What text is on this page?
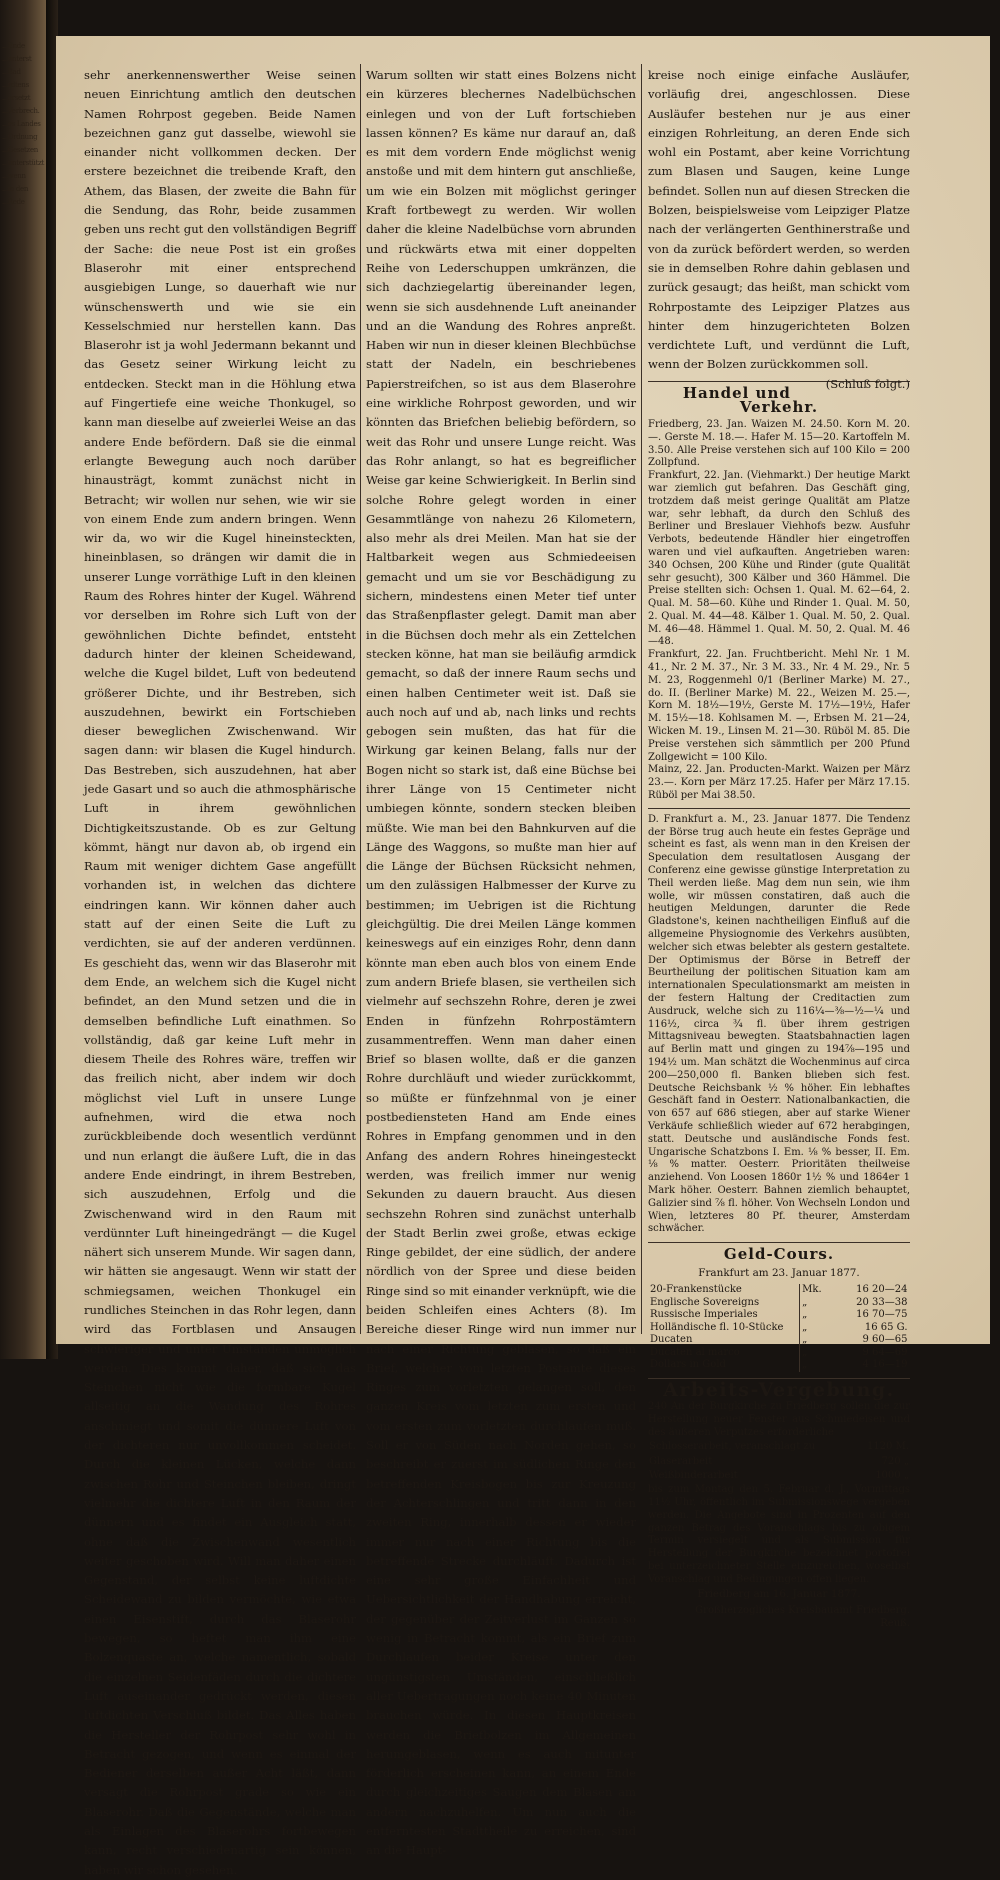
...Ende
...unterst
...Bad
...rdtens
...ersetzt
...Verbrech.
...es Landes
...Ordnung
...Gesetzen
...unterstützt
...wenn
...in den
...Rede

sehr anerkennenswerther Weise seinen neuen Einrichtung amtlich den deutschen Namen Rohrpost gegeben. Beide Namen bezeichnen ganz gut dasselbe, wiewohl sie einander nicht vollkommen decken. Der erstere bezeichnet die treibende Kraft, den Athem, das Blasen, der zweite die Bahn für die Sendung, das Rohr, beide zusammen geben uns recht gut den vollständigen Begriff der Sache: die neue Post ist ein großes Blaserohr mit einer entsprechend ausgiebigen Lunge, so dauerhaft wie nur wünschenswerth und wie sie ein Kesselschmied nur herstellen kann. Das Blaserohr ist ja wohl Jedermann bekannt und das Gesetz seiner Wirkung leicht zu entdecken. Steckt man in die Höhlung etwa auf Fingertiefe eine weiche Thonkugel, so kann man dieselbe auf zweierlei Weise an das andere Ende befördern. Daß sie die einmal erlangte Bewegung auch noch darüber hinausträgt, kommt zunächst nicht in Betracht; wir wollen nur sehen, wie wir sie von einem Ende zum andern bringen. Wenn wir da, wo wir die Kugel hineinsteckten, hineinblasen, so drängen wir damit die in unserer Lunge vorräthige Luft in den kleinen Raum des Rohres hinter der Kugel. Während vor derselben im Rohre sich Luft von der gewöhnlichen Dichte befindet, entsteht dadurch hinter der kleinen Scheidewand, welche die Kugel bildet, Luft von bedeutend größerer Dichte, und ihr Bestreben, sich auszudehnen, bewirkt ein Fortschieben dieser beweglichen Zwischenwand. Wir sagen dann: wir blasen die Kugel hindurch. Das Bestreben, sich auszudehnen, hat aber jede Gasart und so auch die athmosphärische Luft in ihrem gewöhnlichen Dichtigkeitszustande. Ob es zur Geltung kömmt, hängt nur davon ab, ob irgend ein Raum mit weniger dichtem Gase angefüllt vorhanden ist, in welchen das dichtere eindringen kann. Wir können daher auch statt auf der einen Seite die Luft zu verdichten, sie auf der anderen verdünnen. Es geschieht das, wenn wir das Blaserohr mit dem Ende, an welchem sich die Kugel nicht befindet, an den Mund setzen und die in demselben befindliche Luft einathmen. So vollständig, daß gar keine Luft mehr in diesem Theile des Rohres wäre, treffen wir das freilich nicht, aber indem wir doch möglichst viel Luft in unsere Lunge aufnehmen, wird die etwa noch zurückbleibende doch wesentlich verdünnt und nun erlangt die äußere Luft, die in das andere Ende eindringt, in ihrem Bestreben, sich auszudehnen, Erfolg und die Zwischenwand wird in den Raum mit verdünnter Luft hineingedrängt — die Kugel nähert sich unserem Munde. Wir sagen dann, wir hätten sie angesaugt. Wenn wir statt der schmiegsamen, weichen Thonkugel ein rundliches Steinchen in das Rohr legen, dann wird das Fortblasen und Ansaugen schwieriger und unter Umständen unmöglich werden. Dies kommt daher, daß sich das Steinchen nicht wie die formbare Kugel allseitig an die Wandung des Rohres anschmiegt und somit die dünnere Luft von der dichteren nur unvollkommen scheidet. Durch die kleinen Lücken, welche dann zwischen Rohr und Steinchen bleiben, dringt vielmehr die dichtere Luft in den Raum der dünnern und es findet ein Ausgleich statt, ohne daß die Zwischenwand wesentlich weiter geschoben wird. Will man daher einen Gegenstand, der selbst keine luftdichte Scheidewand zu bilden vermöchte, wie etwa einen Eisenstift, durch das Blaserohr bewegen, so heftet man ihm eine Bolzenquaste an, welche namentlich, sobald die einzelnen Seidenfäden durch die dichtere Luft auseinander gedrückt werden, diesen luftdichten Verschluß bildet. Das Alles haben die Hersteller der Rohrpost sehr wohl in Betracht gezogen, und wenn es einmal der Bediener derselben außer Acht läßt, dann versagt die Rohrpost grade so wie ein Blaserohr. Daß die Gegenstände, welche man als Einlagen des Blaserohrs fortbewegen kann, recht verschiedenartig sein können, haben wir schon gesehen.

Warum sollten wir statt eines Bolzens nicht ein kürzeres blechernes Nadelbüchschen einlegen und von der Luft fortschieben lassen können? Es käme nur darauf an, daß es mit dem vordern Ende möglichst wenig anstoße und mit dem hintern gut anschließe, um wie ein Bolzen mit möglichst geringer Kraft fortbewegt zu werden. Wir wollen daher die kleine Nadelbüchse vorn abrunden und rückwärts etwa mit einer doppelten Reihe von Lederschuppen umkränzen, die sich dachziegelartig übereinander legen, wenn sie sich ausdehnende Luft aneinander und an die Wandung des Rohres anpreßt. Haben wir nun in dieser kleinen Blechbüchse statt der Nadeln, ein beschriebenes Papierstreifchen, so ist aus dem Blaserohre eine wirkliche Rohrpost geworden, und wir könnten das Briefchen beliebig befördern, so weit das Rohr und unsere Lunge reicht. Was das Rohr anlangt, so hat es begreiflicher Weise gar keine Schwierigkeit. In Berlin sind solche Rohre gelegt worden in einer Gesammtlänge von nahezu 26 Kilometern, also mehr als drei Meilen. Man hat sie der Haltbarkeit wegen aus Schmiedeeisen gemacht und um sie vor Beschädigung zu sichern, mindestens einen Meter tief unter das Straßenpflaster gelegt. Damit man aber in die Büchsen doch mehr als ein Zettelchen stecken könne, hat man sie beiläufig armdick gemacht, so daß der innere Raum sechs und einen halben Centimeter weit ist. Daß sie auch noch auf und ab, nach links und rechts gebogen sein mußten, das hat für die Wirkung gar keinen Belang, falls nur der Bogen nicht so stark ist, daß eine Büchse bei ihrer Länge von 15 Centimeter nicht umbiegen könnte, sondern stecken bleiben müßte. Wie man bei den Bahnkurven auf die Länge des Waggons, so mußte man hier auf die Länge der Büchsen Rücksicht nehmen, um den zulässigen Halbmesser der Kurve zu bestimmen; im Uebrigen ist die Richtung gleichgültig. Die drei Meilen Länge kommen keineswegs auf ein einziges Rohr, denn dann könnte man eben auch blos von einem Ende zum andern Briefe blasen, sie vertheilen sich vielmehr auf sechszehn Rohre, deren je zwei Enden in fünfzehn Rohrpostämtern zusammentreffen. Wenn man daher einen Brief so blasen wollte, daß er die ganzen Rohre durchläuft und wieder zurückkommt, so müßte er fünfzehnmal von je einer postbediensteten Hand am Ende eines Rohres in Empfang genommen und in den Anfang des andern Rohres hineingesteckt werden, was freilich immer nur wenig Sekunden zu dauern braucht. Aus diesen sechszehn Rohren sind zunächst unterhalb der Stadt Berlin zwei große, etwas eckige Ringe gebildet, der eine südlich, der andere nördlich von der Spree und diese beiden Ringe sind so mit einander verknüpft, wie die beiden Schleifen eines Achters (8). Im Bereiche dieser Ringe wird nun immer nur nach einer Richtung geblasen, so daß ein Brief, welcher vom letzten Postamte dieses Ringes zum vorletzten gelangen soll, den ganzen Kreis vom letzten zum ersten und vom ersten zum vorletzten durchlaufen muß. Soll er von Süden nach Norden gehen, so beschreibt er zuerst im südlichen Ringe den betreffenden Kreisbogen bis zur Kreuzung der Achterschlingen und tritt dann in den zweiten Ring, innerhalb dessen er wieder immer nur nach einer Richtung bis die betreffende Strecke durchläuft. Dadurch ist eine sehr große Einfachheit und Uebersichtlichkeit der Handhabung erreicht, der gegenüber der Zeitverlust im Ganzen so wenig in Betracht kommt, als ein Brief zum Durchlaufen beider Kreise unter den ungünstigsten Umständen, einschließlich aller Uebertragungen noch keine 40 Minuten brauchen würde. In diesen Hauptkreisen werden die Briefbolzen im Allgemeinen herumgeblasen, wenn es auch mitunter förderlich erscheinen kann, an einem Ende durch gleichzeitiges Saugen dem Blasen am andern nachzuhelfen. Um nun auch die entferntesten Stadttheile zu erreichen, sind an die Haupt-

kreise noch einige einfache Ausläufer, vorläufig drei, angeschlossen. Diese Ausläufer bestehen nur je aus einer einzigen Rohrleitung, an deren Ende sich wohl ein Postamt, aber keine Vorrichtung zum Blasen und Saugen, keine Lunge befindet. Sollen nun auf diesen Strecken die Bolzen, beispielsweise vom Leipziger Platze nach der verlängerten Genthinerstraße und von da zurück befördert werden, so werden sie in demselben Rohre dahin geblasen und zurück gesaugt; das heißt, man schickt vom Rohrpostamte des Leipziger Platzes aus hinter dem hinzugerichteten Bolzen verdichtete Luft, und verdünnt die Luft, wenn der Bolzen zurückkommen soll.
(Schluß folgt.)

Handel und Verkehr.

Friedberg, 23. Jan. Waizen M. 24.50. Korn M. 20.—. Gerste M. 18.—. Hafer M. 15—20. Kartoffeln M. 3.50. Alle Preise verstehen sich auf 100 Kilo = 200 Zollpfund.

Frankfurt, 22. Jan. (Viehmarkt.) Der heutige Markt war ziemlich gut befahren. Das Geschäft ging, trotzdem daß meist geringe Qualität am Platze war, sehr lebhaft, da durch den Schluß des Berliner und Breslauer Viehhofs bezw. Ausfuhr Verbots, bedeutende Händler hier eingetroffen waren und viel aufkauften. Angetrieben waren: 340 Ochsen, 200 Kühe und Rinder (gute Qualität sehr gesucht), 300 Kälber und 360 Hämmel. Die Preise stellten sich: Ochsen 1. Qual. M. 62—64, 2. Qual. M. 58—60. Kühe und Rinder 1. Qual. M. 50, 2. Qual. M. 44—48. Kälber 1. Qual. M. 50, 2. Qual. M. 46—48. Hämmel 1. Qual. M. 50, 2. Qual. M. 46—48.

Frankfurt, 22. Jan. Fruchtbericht. Mehl Nr. 1 M. 41., Nr. 2 M. 37., Nr. 3 M. 33., Nr. 4 M. 29., Nr. 5 M. 23, Roggenmehl 0/1 (Berliner Marke) M. 27., do. II. (Berliner Marke) M. 22., Weizen M. 25.—, Korn M. 18½—19½, Gerste M. 17½—19½, Hafer M. 15½—18. Kohlsamen M. —, Erbsen M. 21—24, Wicken M. 19., Linsen M. 21—30. Rüböl M. 85. Die Preise verstehen sich sämmtlich per 200 Pfund Zollgewicht = 100 Kilo.

Mainz, 22. Jan. Producten-Markt. Waizen per März 23.—. Korn per März 17.25. Hafer per März 17.15. Rüböl per Mai 38.50.

D. Frankfurt a. M., 23. Januar 1877. Die Tendenz der Börse trug auch heute ein festes Gepräge und scheint es fast, als wenn man in den Kreisen der Speculation dem resultatlosen Ausgang der Conferenz eine gewisse günstige Interpretation zu Theil werden ließe. Mag dem nun sein, wie ihm wolle, wir müssen constatiren, daß auch die heutigen Meldungen, darunter die Rede Gladstone's, keinen nachtheiligen Einfluß auf die allgemeine Physiognomie des Verkehrs ausübten, welcher sich etwas belebter als gestern gestaltete. Der Optimismus der Börse in Betreff der Beurtheilung der politischen Situation kam am internationalen Speculationsmarkt am meisten in der festern Haltung der Creditactien zum Ausdruck, welche sich zu 116¼—⅜—½—¼ und 116½, circa ¾ fl. über ihrem gestrigen Mittagsniveau bewegten. Staatsbahnactien lagen auf Berlin matt und gingen zu 194⅞—195 und 194½ um. Man schätzt die Wochenminus auf circa 200—250,000 fl. Banken blieben sich fest. Deutsche Reichsbank ½ % höher. Ein lebhaftes Geschäft fand in Oesterr. Nationalbankactien, die von 657 auf 686 stiegen, aber auf starke Wiener Verkäufe schließlich wieder auf 672 herabgingen, statt. Deutsche und ausländische Fonds fest. Ungarische Schatzbons I. Em. ⅛ % besser, II. Em. ⅛ % matter. Oesterr. Prioritäten theilweise anziehend. Von Loosen 1860r 1½ % und 1864er 1 Mark höher. Oesterr. Bahnen ziemlich behauptet, Galizier sind ⅞ fl. höher. Von Wechseln London und Wien, letzteres 80 Pf. theurer, Amsterdam schwächer.

Geld-Cours.
Frankfurt am 23. Januar 1877.
20-Frankenstücke	Mk.	16 20—24
Englische Sovereigns	„	20 33—38
Russische Imperiales	„	16 70—75
Holländische fl. 10-Stücke	„	16 65 G.
Ducaten	„	9 60—65
Ducaten al marco	„	9 64—69
Dollars in Gold	„	4 16—19
Arbeits-Vergebung.

240 An der Burgkirche zu Friedberg sollen die zur Herstellung neuer Fenster aus Schmiedeisen und des äußeren Verputzes erforderliche

Schlosserarbeit, veranschlagt zu	1120 M.
Glaserarbeit	720 „
Weißbinderarbeit	1000 „

bis zum Montag den 5. Februar d. J., Vormittags 11½ Uhr, öffentlich im Submissionswege vergeben werden. Die Angebote sind in Prozenten auf den ganzen Betrag des Voranschlags bis zu obigem Termin versiegelt und als Submission für Herstellung der Burgkirche bezeichnet portofrei bei unterzeichneter Stelle einzureichen, woselbst Voranschlag und Bedingungen offen liegen.

Friedberg am 16. Januar 1877.
Großherzogliches Kreisbauamt Friedberg.
Reuß.
